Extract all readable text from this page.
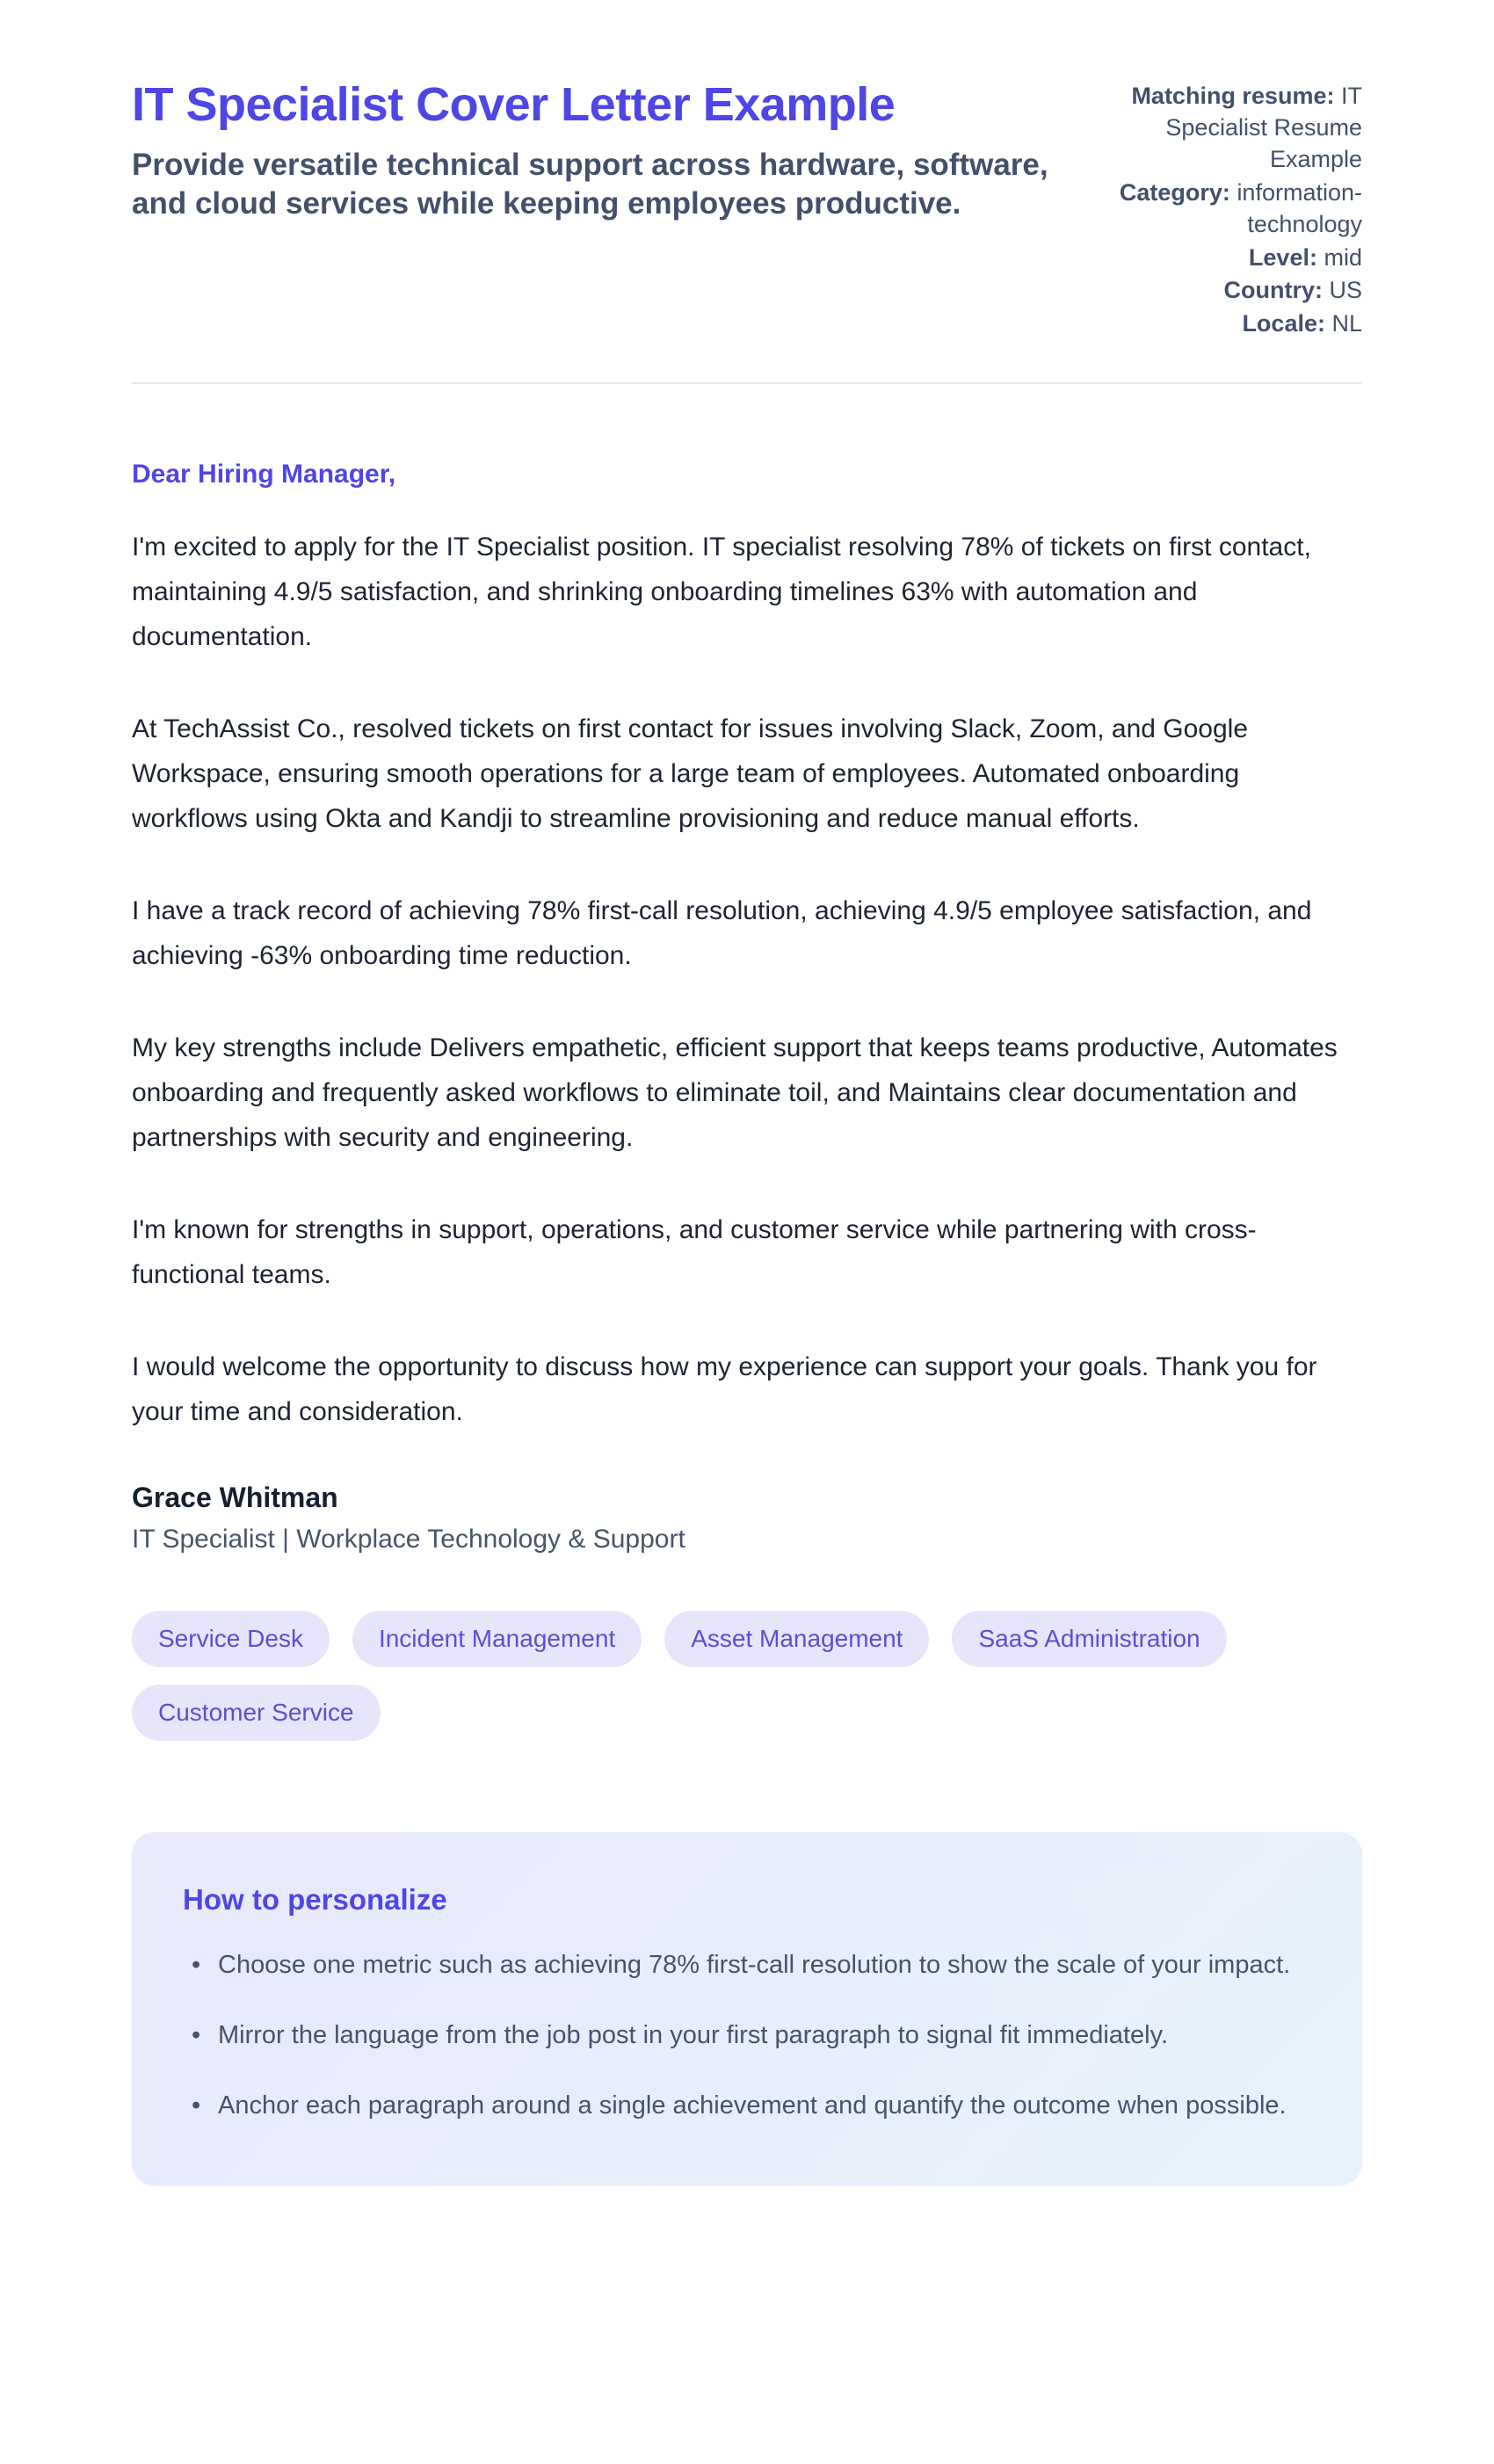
IT Specialist Cover Letter Example

Provide versatile technical support across hardware, software, and cloud services while keeping employees productive.

Matching resume: IT Specialist Resume Example
Category: information-technology
Level: mid
Country: US
Locale: NL

Dear Hiring Manager,

I'm excited to apply for the IT Specialist position. IT specialist resolving 78% of tickets on first contact, maintaining 4.9/5 satisfaction, and shrinking onboarding timelines 63% with automation and documentation.

At TechAssist Co., resolved tickets on first contact for issues involving Slack, Zoom, and Google Workspace, ensuring smooth operations for a large team of employees. Automated onboarding workflows using Okta and Kandji to streamline provisioning and reduce manual efforts.

I have a track record of achieving 78% first-call resolution, achieving 4.9/5 employee satisfaction, and achieving -63% onboarding time reduction.

My key strengths include Delivers empathetic, efficient support that keeps teams productive, Automates onboarding and frequently asked workflows to eliminate toil, and Maintains clear documentation and partnerships with security and engineering.

I'm known for strengths in support, operations, and customer service while partnering with cross-functional teams.

I would welcome the opportunity to discuss how my experience can support your goals. Thank you for your time and consideration.

Grace Whitman

IT Specialist | Workplace Technology & Support

Service Desk	Incident Management	Asset Management	SaaS Administration
Customer Service
How to personalize
• Choose one metric such as achieving 78% first-call resolution to show the scale of your impact.
• Mirror the language from the job post in your first paragraph to signal fit immediately.
• Anchor each paragraph around a single achievement and quantify the outcome when possible.
